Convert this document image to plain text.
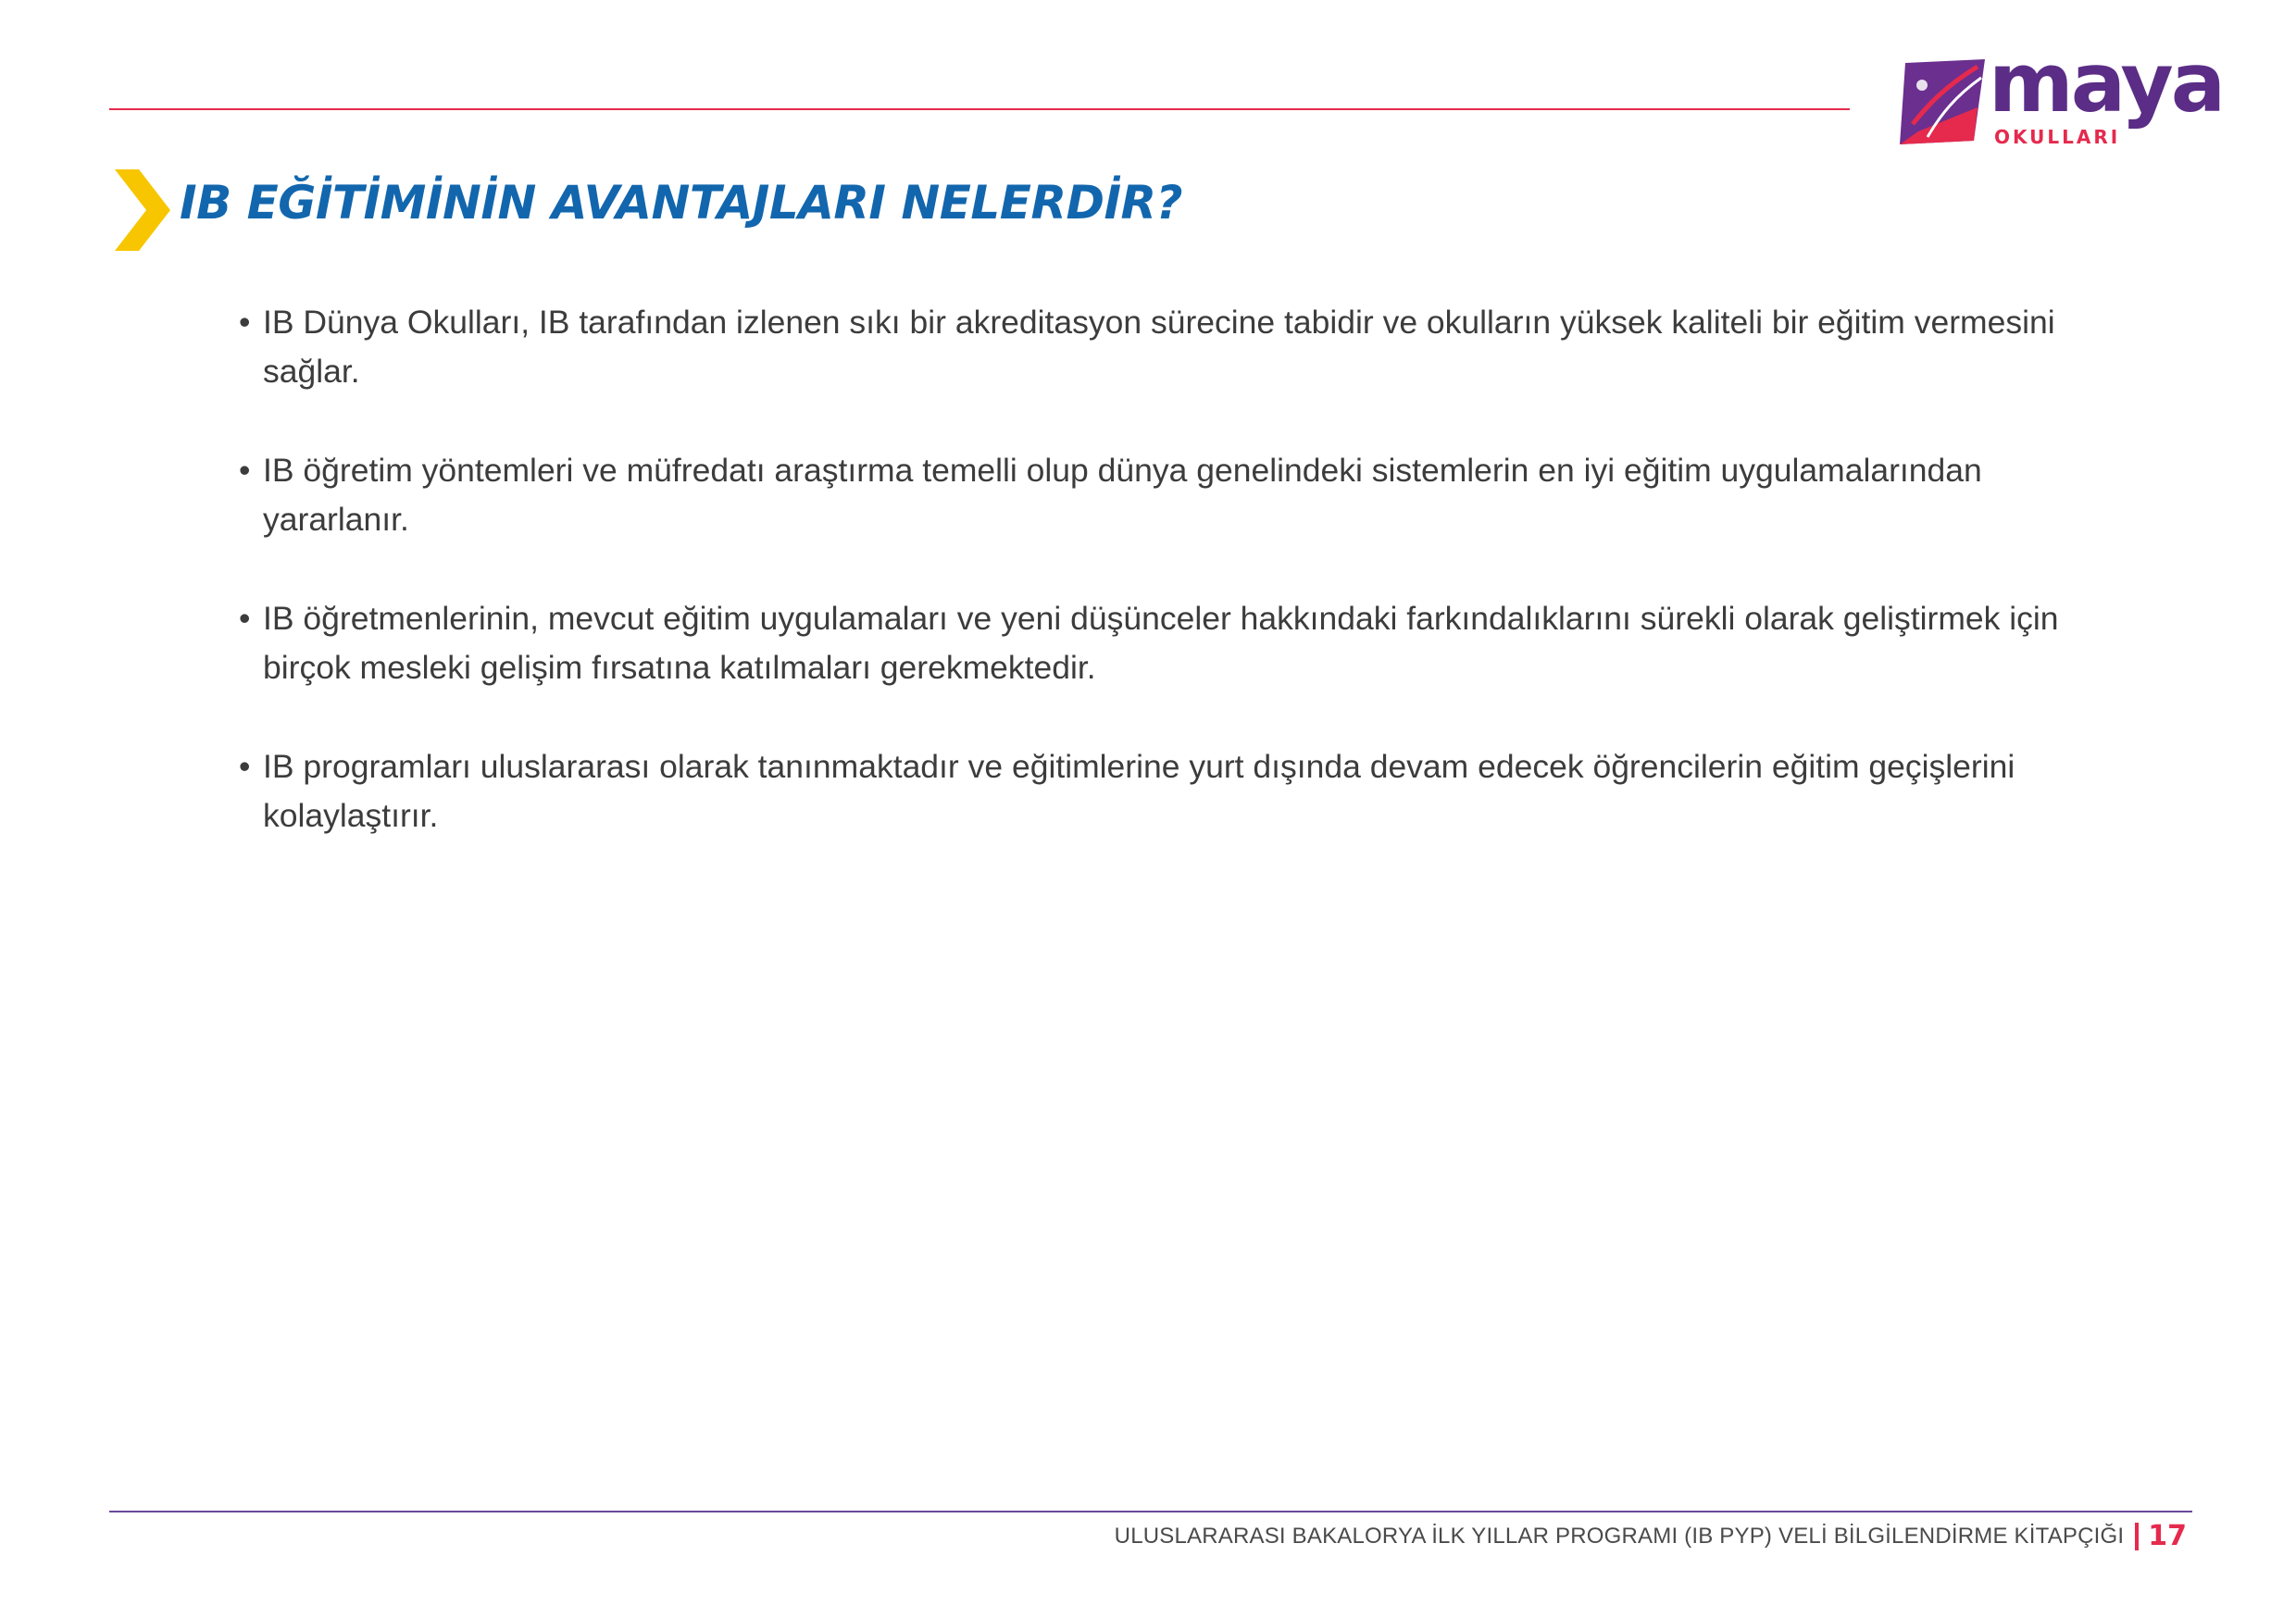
maya
OKULLARI
IB EĞİTİMİNİN AVANTAJLARI NELERDİR?
• IB Dünya Okulları, IB tarafından izlenen sıkı bir akreditasyon sürecine tabidir ve okulların yüksek kaliteli bir eğitim vermesini sağlar.
• IB öğretim yöntemleri ve müfredatı araştırma temelli olup dünya genelindeki sistemlerin en iyi eğitim uygulamalarından yararlanır.
• IB öğretmenlerinin, mevcut eğitim uygulamaları ve yeni düşünceler hakkındaki farkındalıklarını sürekli olarak geliştirmek için birçok mesleki gelişim fırsatına katılmaları gerekmektedir.
• IB programları uluslararası olarak tanınmaktadır ve eğitimlerine yurt dışında devam edecek öğrencilerin eğitim geçişlerini kolaylaştırır.
ULUSLARARASI BAKALORYA İLK YILLAR PROGRAMI (IB PYP) VELİ BİLGİLENDİRME KİTAPÇIĞI 17
